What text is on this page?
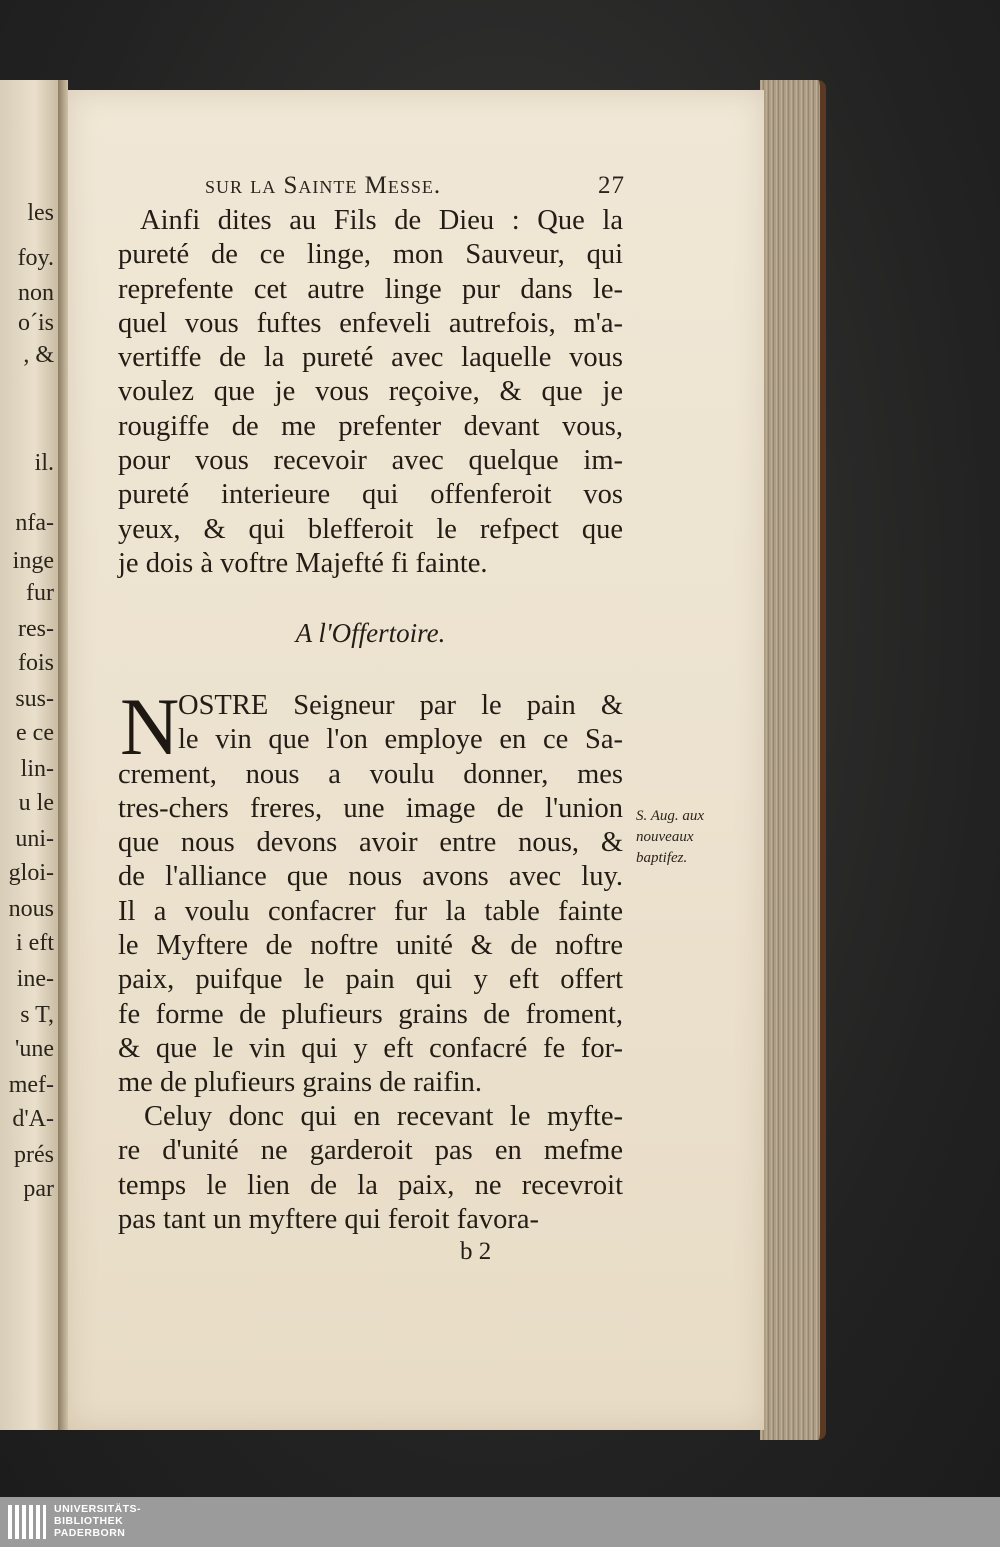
les
foy.
non
o´is
, &
il.
nfa-
inge
fur
res-
fois
sus-
e ce
lin-
u le
uni-
gloi-
nous
i eft
ine-
s T,
'une
mef-
d'A-
prés
par
sur la Sainte Messe.	27
Ainfi dites au Fils de Dieu : Que la
pureté de ce linge, mon Sauveur, qui
reprefente cet autre linge pur dans le-
quel vous fuftes enfeveli autrefois, m'a-
vertiffe de la pureté avec laquelle vous
voulez que je vous reçoive, & que je
rougiffe de me prefenter devant vous,
pour vous recevoir avec quelque im-
pureté interieure qui offenferoit vos
yeux, & qui blefferoit le refpect que
je dois à voftre Majefté fi fainte.
A l'Offertoire.
N
OSTRE Seigneur par le pain &
le vin que l'on employe en ce Sa-
crement, nous a voulu donner, mes
tres-chers freres, une image de l'union
que nous devons avoir entre nous, &
de l'alliance que nous avons avec luy.
Il a voulu confacrer fur la table fainte
le Myftere de noftre unité & de noftre
paix, puifque le pain qui y eft offert
fe forme de plufieurs grains de froment,
& que le vin qui y eft confacré fe for-
me de plufieurs grains de raifin.
Celuy donc qui en recevant le myfte-
re d'unité ne garderoit pas en mefme
temps le lien de la paix, ne recevroit
pas tant un myftere qui feroit favora-
S. Aug. aux
nouveaux
baptifez.
b 2
UNIVERSITÄTS-
BIBLIOTHEK
PADERBORN
